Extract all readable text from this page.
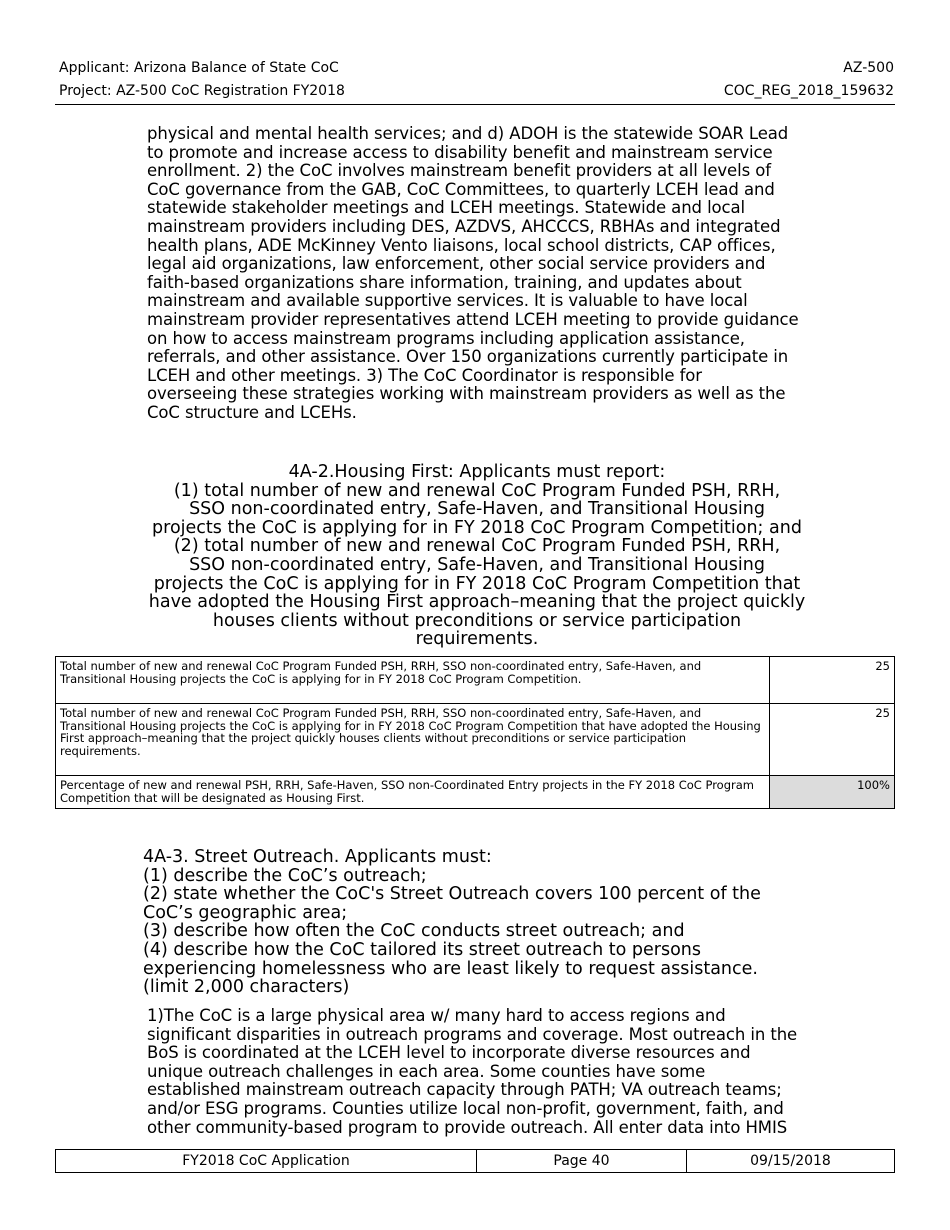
Applicant: Arizona Balance of State CoC	AZ-500
Project: AZ-500 CoC Registration FY2018	COC_REG_2018_159632
physical and mental health services; and d) ADOH is the statewide SOAR Lead
to promote and increase access to disability benefit and mainstream service
enrollment. 2) the CoC involves mainstream benefit providers at all levels of
CoC governance from the GAB, CoC Committees, to quarterly LCEH lead and
statewide stakeholder meetings and LCEH meetings. Statewide and local
mainstream providers including DES, AZDVS, AHCCCS, RBHAs and integrated
health plans, ADE McKinney Vento liaisons, local school districts, CAP offices,
legal aid organizations, law enforcement, other social service providers and
faith-based organizations share information, training, and updates about
mainstream and available supportive services. It is valuable to have local
mainstream provider representatives attend LCEH meeting to provide guidance
on how to access mainstream programs including application assistance,
referrals, and other assistance. Over 150 organizations currently participate in
LCEH and other meetings. 3) The CoC Coordinator is responsible for
overseeing these strategies working with mainstream providers as well as the
CoC structure and LCEHs.
4A-2.Housing First: Applicants must report:
(1) total number of new and renewal CoC Program Funded PSH, RRH,
SSO non-coordinated entry, Safe-Haven, and Transitional Housing
projects the CoC is applying for in FY 2018 CoC Program Competition; and
(2) total number of new and renewal CoC Program Funded PSH, RRH,
SSO non-coordinated entry, Safe-Haven, and Transitional Housing
projects the CoC is applying for in FY 2018 CoC Program Competition that
have adopted the Housing First approach–meaning that the project quickly
houses clients without preconditions or service participation
requirements.
Total number of new and renewal CoC Program Funded PSH, RRH, SSO non-coordinated entry, Safe-Haven, and Transitional Housing projects the CoC is applying for in FY 2018 CoC Program Competition.	25
Total number of new and renewal CoC Program Funded PSH, RRH, SSO non-coordinated entry, Safe-Haven, and Transitional Housing projects the CoC is applying for in FY 2018 CoC Program Competition that have adopted the Housing First approach–meaning that the project quickly houses clients without preconditions or service participation requirements.	25
Percentage of new and renewal PSH, RRH, Safe-Haven, SSO non-Coordinated Entry projects in the FY 2018 CoC Program Competition that will be designated as Housing First.	100%
4A-3. Street Outreach. Applicants must:
(1) describe the CoC’s outreach;
(2) state whether the CoC's Street Outreach covers 100 percent of the
CoC’s geographic area;
(3) describe how often the CoC conducts street outreach; and
(4) describe how the CoC tailored its street outreach to persons
experiencing homelessness who are least likely to request assistance.
(limit 2,000 characters)
1)The CoC is a large physical area w/ many hard to access regions and
significant disparities in outreach programs and coverage. Most outreach in the
BoS is coordinated at the LCEH level to incorporate diverse resources and
unique outreach challenges in each area. Some counties have some
established mainstream outreach capacity through PATH; VA outreach teams;
and/or ESG programs. Counties utilize local non-profit, government, faith, and
other community-based program to provide outreach. All enter data into HMIS
FY2018 CoC Application	Page 40	09/15/2018
